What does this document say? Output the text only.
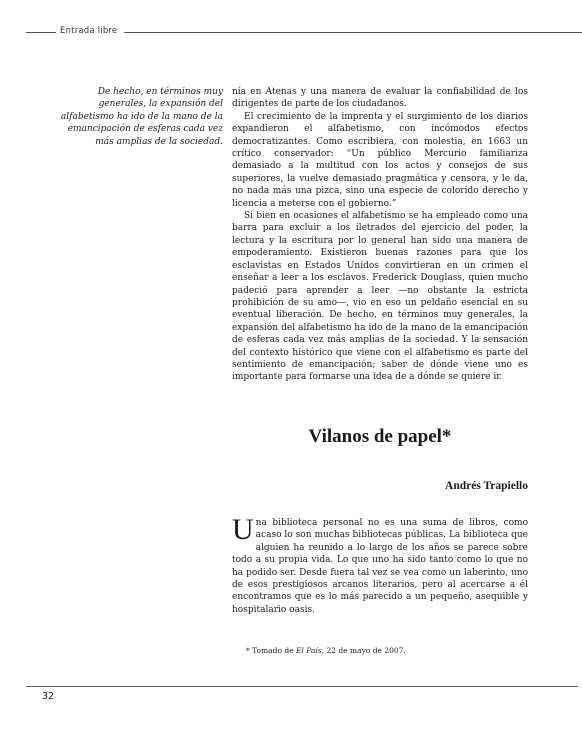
Entrada libre
De hecho, en términos muy generales, la expansión del alfabetismo ha ido de la mano de la emancipación de esferas cada vez más amplias de la sociedad.

nía en Atenas y una manera de evaluar la confiabilidad de los dirigentes de parte de los ciudadanos.

El crecimiento de la imprenta y el surgimiento de los diarios expandieron el alfabetismo, con incómodos efectos democratizantes. Como escribiera, con molestia, en 1663 un crítico conservador: “Un público Mercurio familiariza demasiado a la multitud con los actos y consejos de sus superiores, la vuelve demasiado pragmática y censora, y le da, no nada más una pizca, sino una especie de colorido derecho y licencia a meterse con el gobierno.”

Si bien en ocasiones el alfabetismo se ha empleado como una barra para excluir a los iletrados del ejercicio del poder, la lectura y la escritura por lo general han sido una manera de empoderamiento. Existieron buenas razones para que los esclavistas en Estados Unidos convirtieran en un crimen el enseñar a leer a los esclavos. Frederick Douglass, quien mucho padeció para aprender a leer —no obstante la estricta prohibición de su amo—, vio en eso un peldaño esencial en su eventual liberación. De hecho, en términos muy generales, la expansión del alfabetismo ha ido de la mano de la emancipación de esferas cada vez más amplias de la sociedad. Y la sensación del contexto histórico que viene con el alfabetismo es parte del sentimiento de emancipación; saber de dónde viene uno es importante para formarse una idea de a dónde se quiere ir.

Vilanos de papel*
Andrés Trapiello
U na biblioteca personal no es una suma de libros, como acaso lo son muchas bibliotecas públicas. La biblioteca que alguien ha reunido a lo largo de los años se parece sobre todo a su propia vida. Lo que uno ha sido tanto como lo que no ha podido ser. Desde fuera tal vez se vea como un laberinto, uno de esos prestigiosos arcanos literarios, pero al acercarse a él encontramos que es lo más parecido a un pequeño, asequible y hospitalario oasis.
* Tomado de El País, 22 de mayo de 2007.
32
